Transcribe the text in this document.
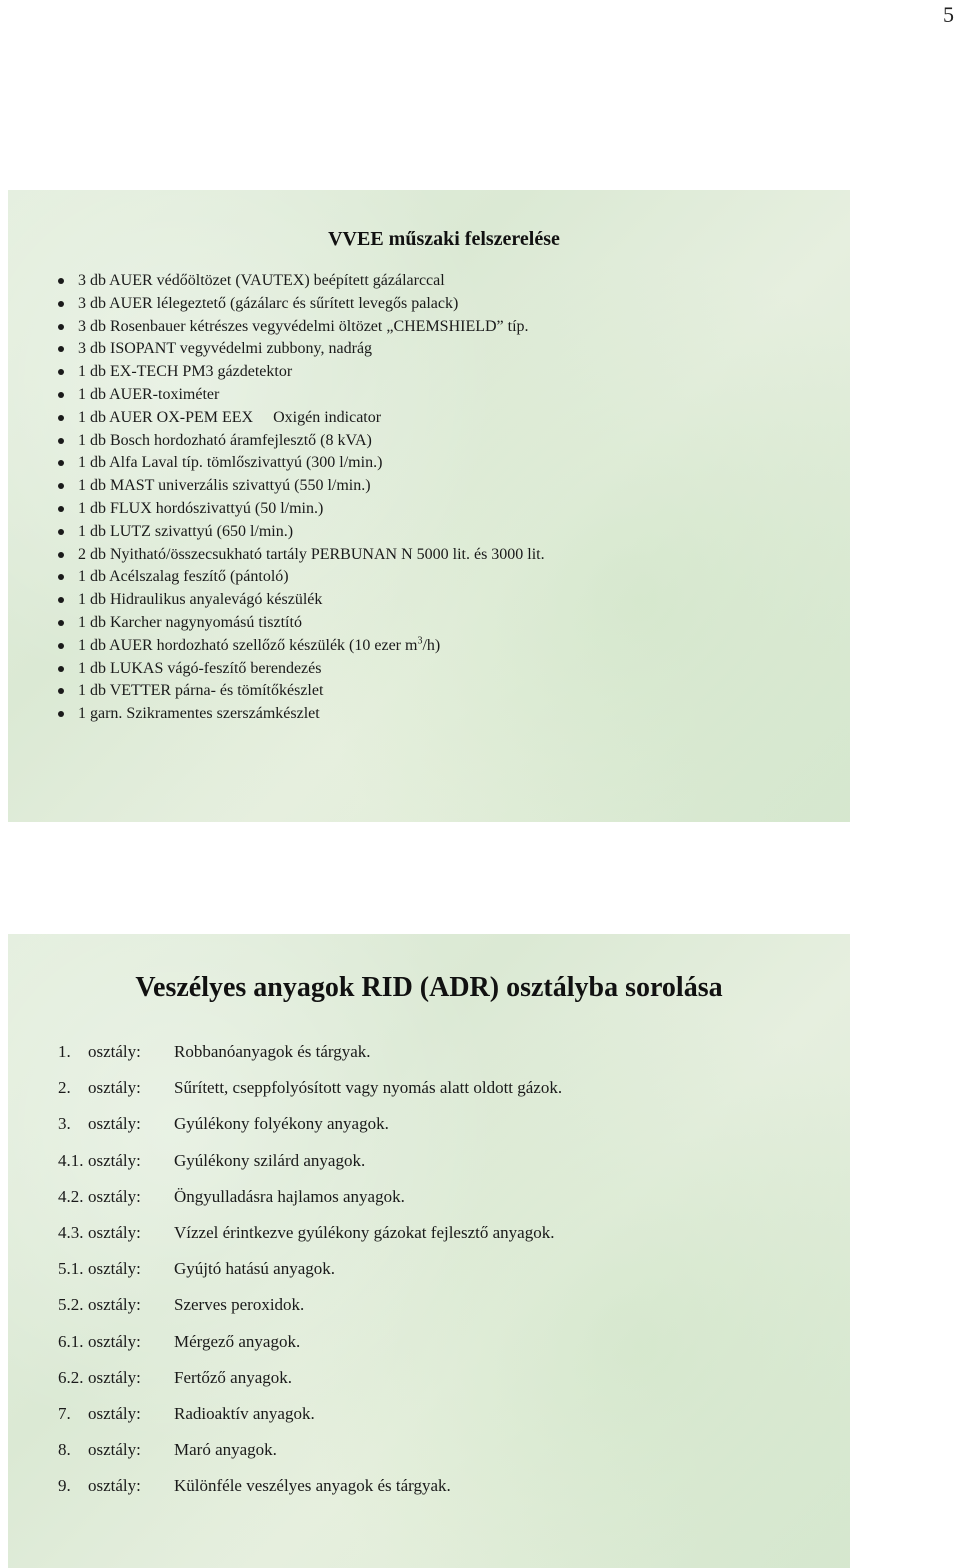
5
VVEE műszaki felszerelése
3 db AUER védőöltözet (VAUTEX) beépített gázálarccal
3 db AUER lélegeztető (gázálarc és sűrített levegős palack)
3 db Rosenbauer kétrészes vegyvédelmi öltözet „CHEMSHIELD” típ.
3 db ISOPANT vegyvédelmi zubbony, nadrág
1 db EX-TECH PM3 gázdetektor
1 db AUER-toximéter
1 db AUER OX-PEM EEX     Oxigén indicator
1 db Bosch hordozható áramfejlesztő (8 kVA)
1 db Alfa Laval típ. tömlőszivattyú (300 l/min.)
1 db MAST univerzális szivattyú (550 l/min.)
1 db FLUX hordószivattyú (50 l/min.)
1 db LUTZ szivattyú (650 l/min.)
2 db Nyitható/összecsukható tartály PERBUNAN N 5000 lit. és 3000 lit.
1 db Acélszalag feszítő (pántoló)
1 db Hidraulikus anyalevágó készülék
1 db Karcher nagynyomású tisztító
1 db AUER hordozható szellőző készülék (10 ezer $m^3/h$)
1 db LUKAS vágó-feszítő berendezés
1 db VETTER párna- és tömítőkészlet
1 garn. Szikramentes szerszámkészlet
Veszélyes anyagok RID (ADR) osztályba sorolása
1.	osztály:	Robbanóanyagok és tárgyak.
2.	osztály:	Sűrített, cseppfolyósított vagy nyomás alatt oldott gázok.
3.	osztály:	Gyúlékony folyékony anyagok.
4.1. osztály:	Gyúlékony szilárd anyagok.
4.2. osztály:	Öngyulladásra hajlamos anyagok.
4.3. osztály:	Vízzel érintkezve gyúlékony gázokat fejlesztő anyagok.
5.1. osztály:	Gyújtó hatású anyagok.
5.2. osztály:	Szerves peroxidok.
6.1. osztály:	Mérgező anyagok.
6.2. osztály:	Fertőző anyagok.
7.	osztály:	Radioaktív anyagok.
8.	osztály:	Maró anyagok.
9.	osztály:	Különféle veszélyes anyagok és tárgyak.
